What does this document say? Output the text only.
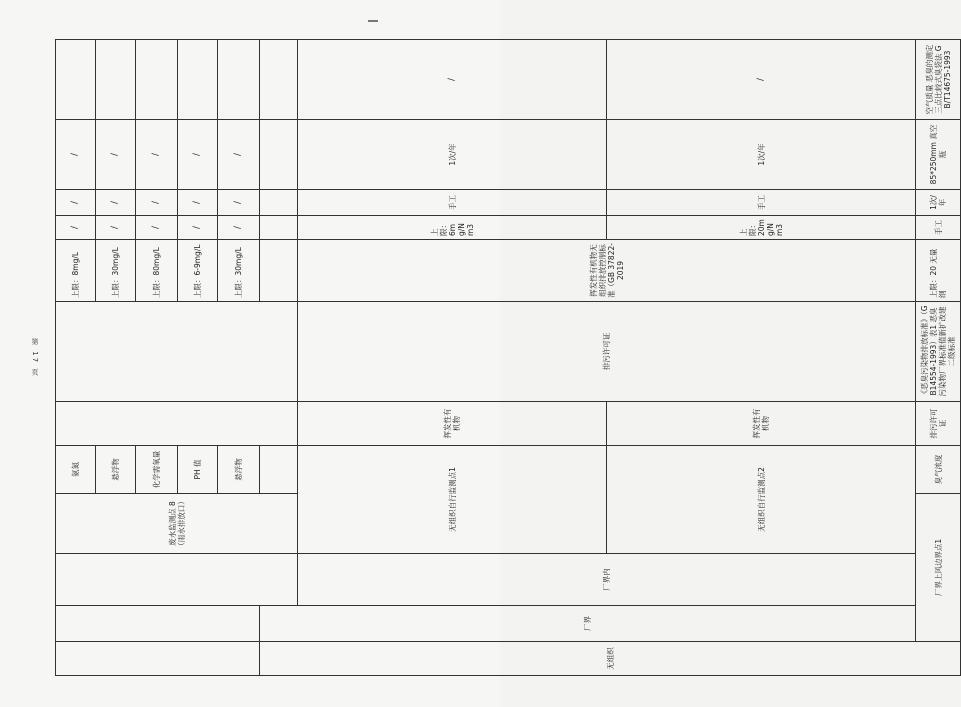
第 17 页
			废水监测点 8（雨水排放口）	氨氮			上限：8mg/L	/	/	/		
				悬浮物			上限：30mg/L	/	/	/		
				化学需氧量			上限：80mg/L	/	/	/		
				PH 值			上限：6-9mg/L	/	/	/		
				悬浮物			上限：30mg/L	/	/	/		
无组织	厂界											
		厂界内	无组织自行监测点1		挥发性有机物	排污许可证	挥发性有机物无组织排放控制标准（GB 37822-2019	上限：6mg/Nm3	手工	1次/年	/	
			无组织自行监测点2		挥发性有机物			上限：20mg/Nm3	手工	1次/年	/	
	厂界上风边界点1			臭气浓度	排污许可证	《恶臭污染物排放标准》（GB14554-1993）表1 恶臭污染物厂界标准值新扩改建二级标准	上限：20 无量纲	手工	1次/年	85*250mm 真空瓶	空气质量 恶臭的测定 三点比较式臭袋法 GB/T14675-1993	
